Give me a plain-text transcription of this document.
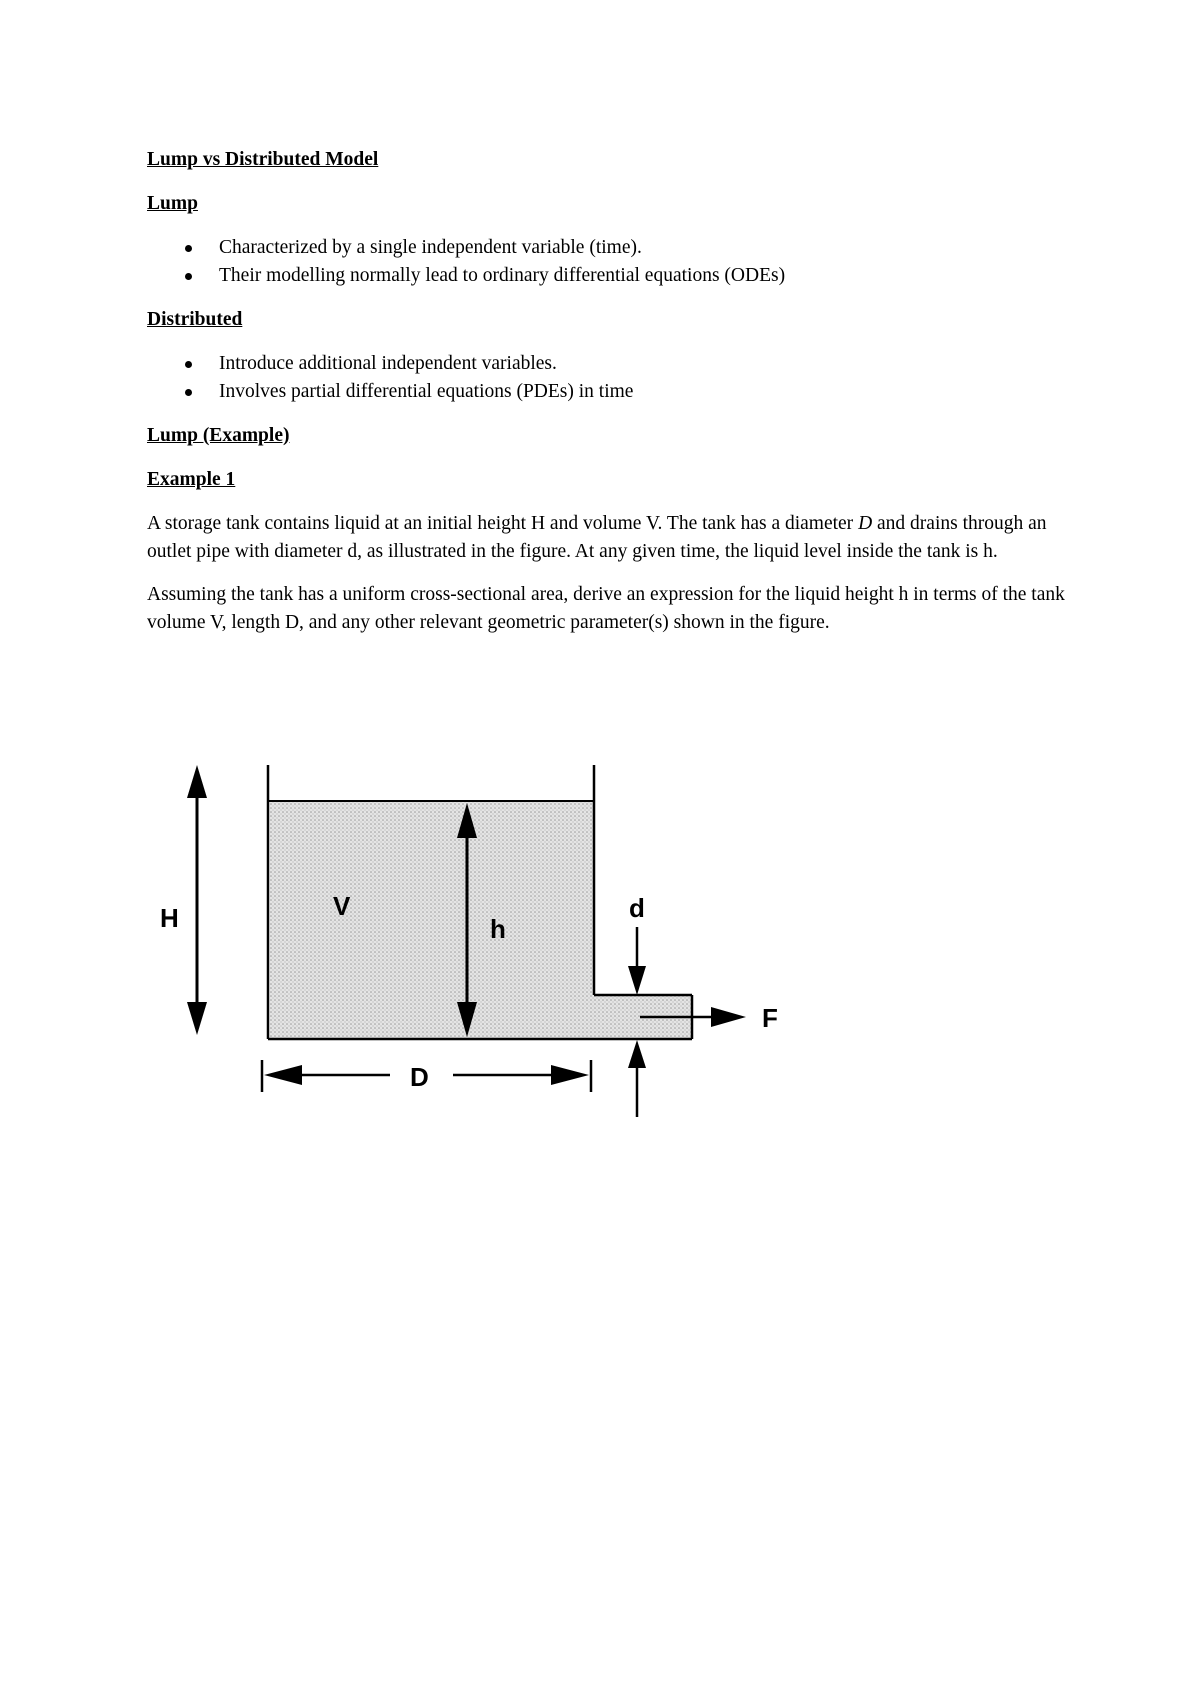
Lump vs Distributed Model
Lump
Characterized by a single independent variable (time).
Their modelling normally lead to ordinary differential equations (ODEs)
Distributed
Introduce additional independent variables.
Involves partial differential equations (PDEs) in time
Lump (Example)
Example 1

A storage tank contains liquid at an initial height H and volume V. The tank has a diameter D and drains through an outlet pipe with diameter d, as illustrated in the figure. At any given time, the liquid level inside the tank is h.

Assuming the tank has a uniform cross-sectional area, derive an expression for the liquid height h in terms of the tank volume V, length D, and any other relevant geometric parameter(s) shown in the figure.

H	V
h
d
F
D
